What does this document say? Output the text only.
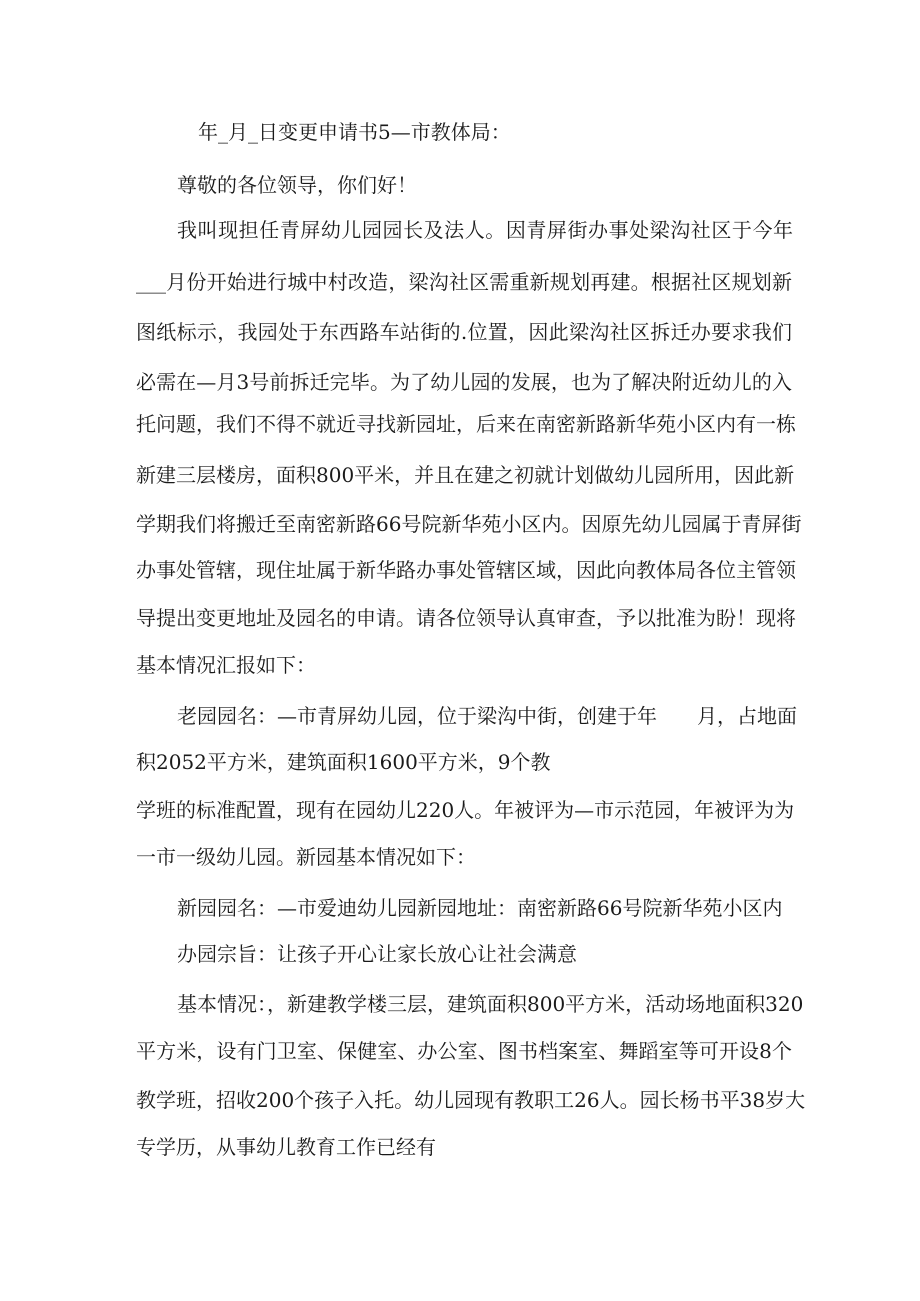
年_月_日变更申请书5—市教体局：
尊敬的各位领导，你们好！
我叫现担任青屏幼儿园园长及法人。因青屏街办事处梁沟社区于今年
___月份开始进行城中村改造，梁沟社区需重新规划再建。根据社区规划新
图纸标示，我园处于东西路车站街的.位置，因此梁沟社区拆迁办要求我们
必需在—月3号前拆迁完毕。为了幼儿园的发展，也为了解决附近幼儿的入
托问题，我们不得不就近寻找新园址，后来在南密新路新华苑小区内有一栋
新建三层楼房，面积800平米，并且在建之初就计划做幼儿园所用，因此新
学期我们将搬迁至南密新路66号院新华苑小区内。因原先幼儿园属于青屏街
办事处管辖，现住址属于新华路办事处管辖区域，因此向教体局各位主管领
导提出变更地址及园名的申请。请各位领导认真审查，予以批准为盼！现将
基本情况汇报如下：
老园园名：—市青屏幼儿园，位于梁沟中街，创建于年　　月，占地面
积2052平方米，建筑面积1600平方米，9个教
学班的标准配置，现有在园幼儿220人。年被评为—市示范园，年被评为为
一市一级幼儿园。新园基本情况如下：
新园园名：—市爱迪幼儿园新园地址：南密新路66号院新华苑小区内
办园宗旨：让孩子开心让家长放心让社会满意
基本情况：，新建教学楼三层，建筑面积800平方米，活动场地面积320
平方米，设有门卫室、保健室、办公室、图书档案室、舞蹈室等可开设8个
教学班，招收200个孩子入托。幼儿园现有教职工26人。园长杨书平38岁大
专学历，从事幼儿教育工作已经有
